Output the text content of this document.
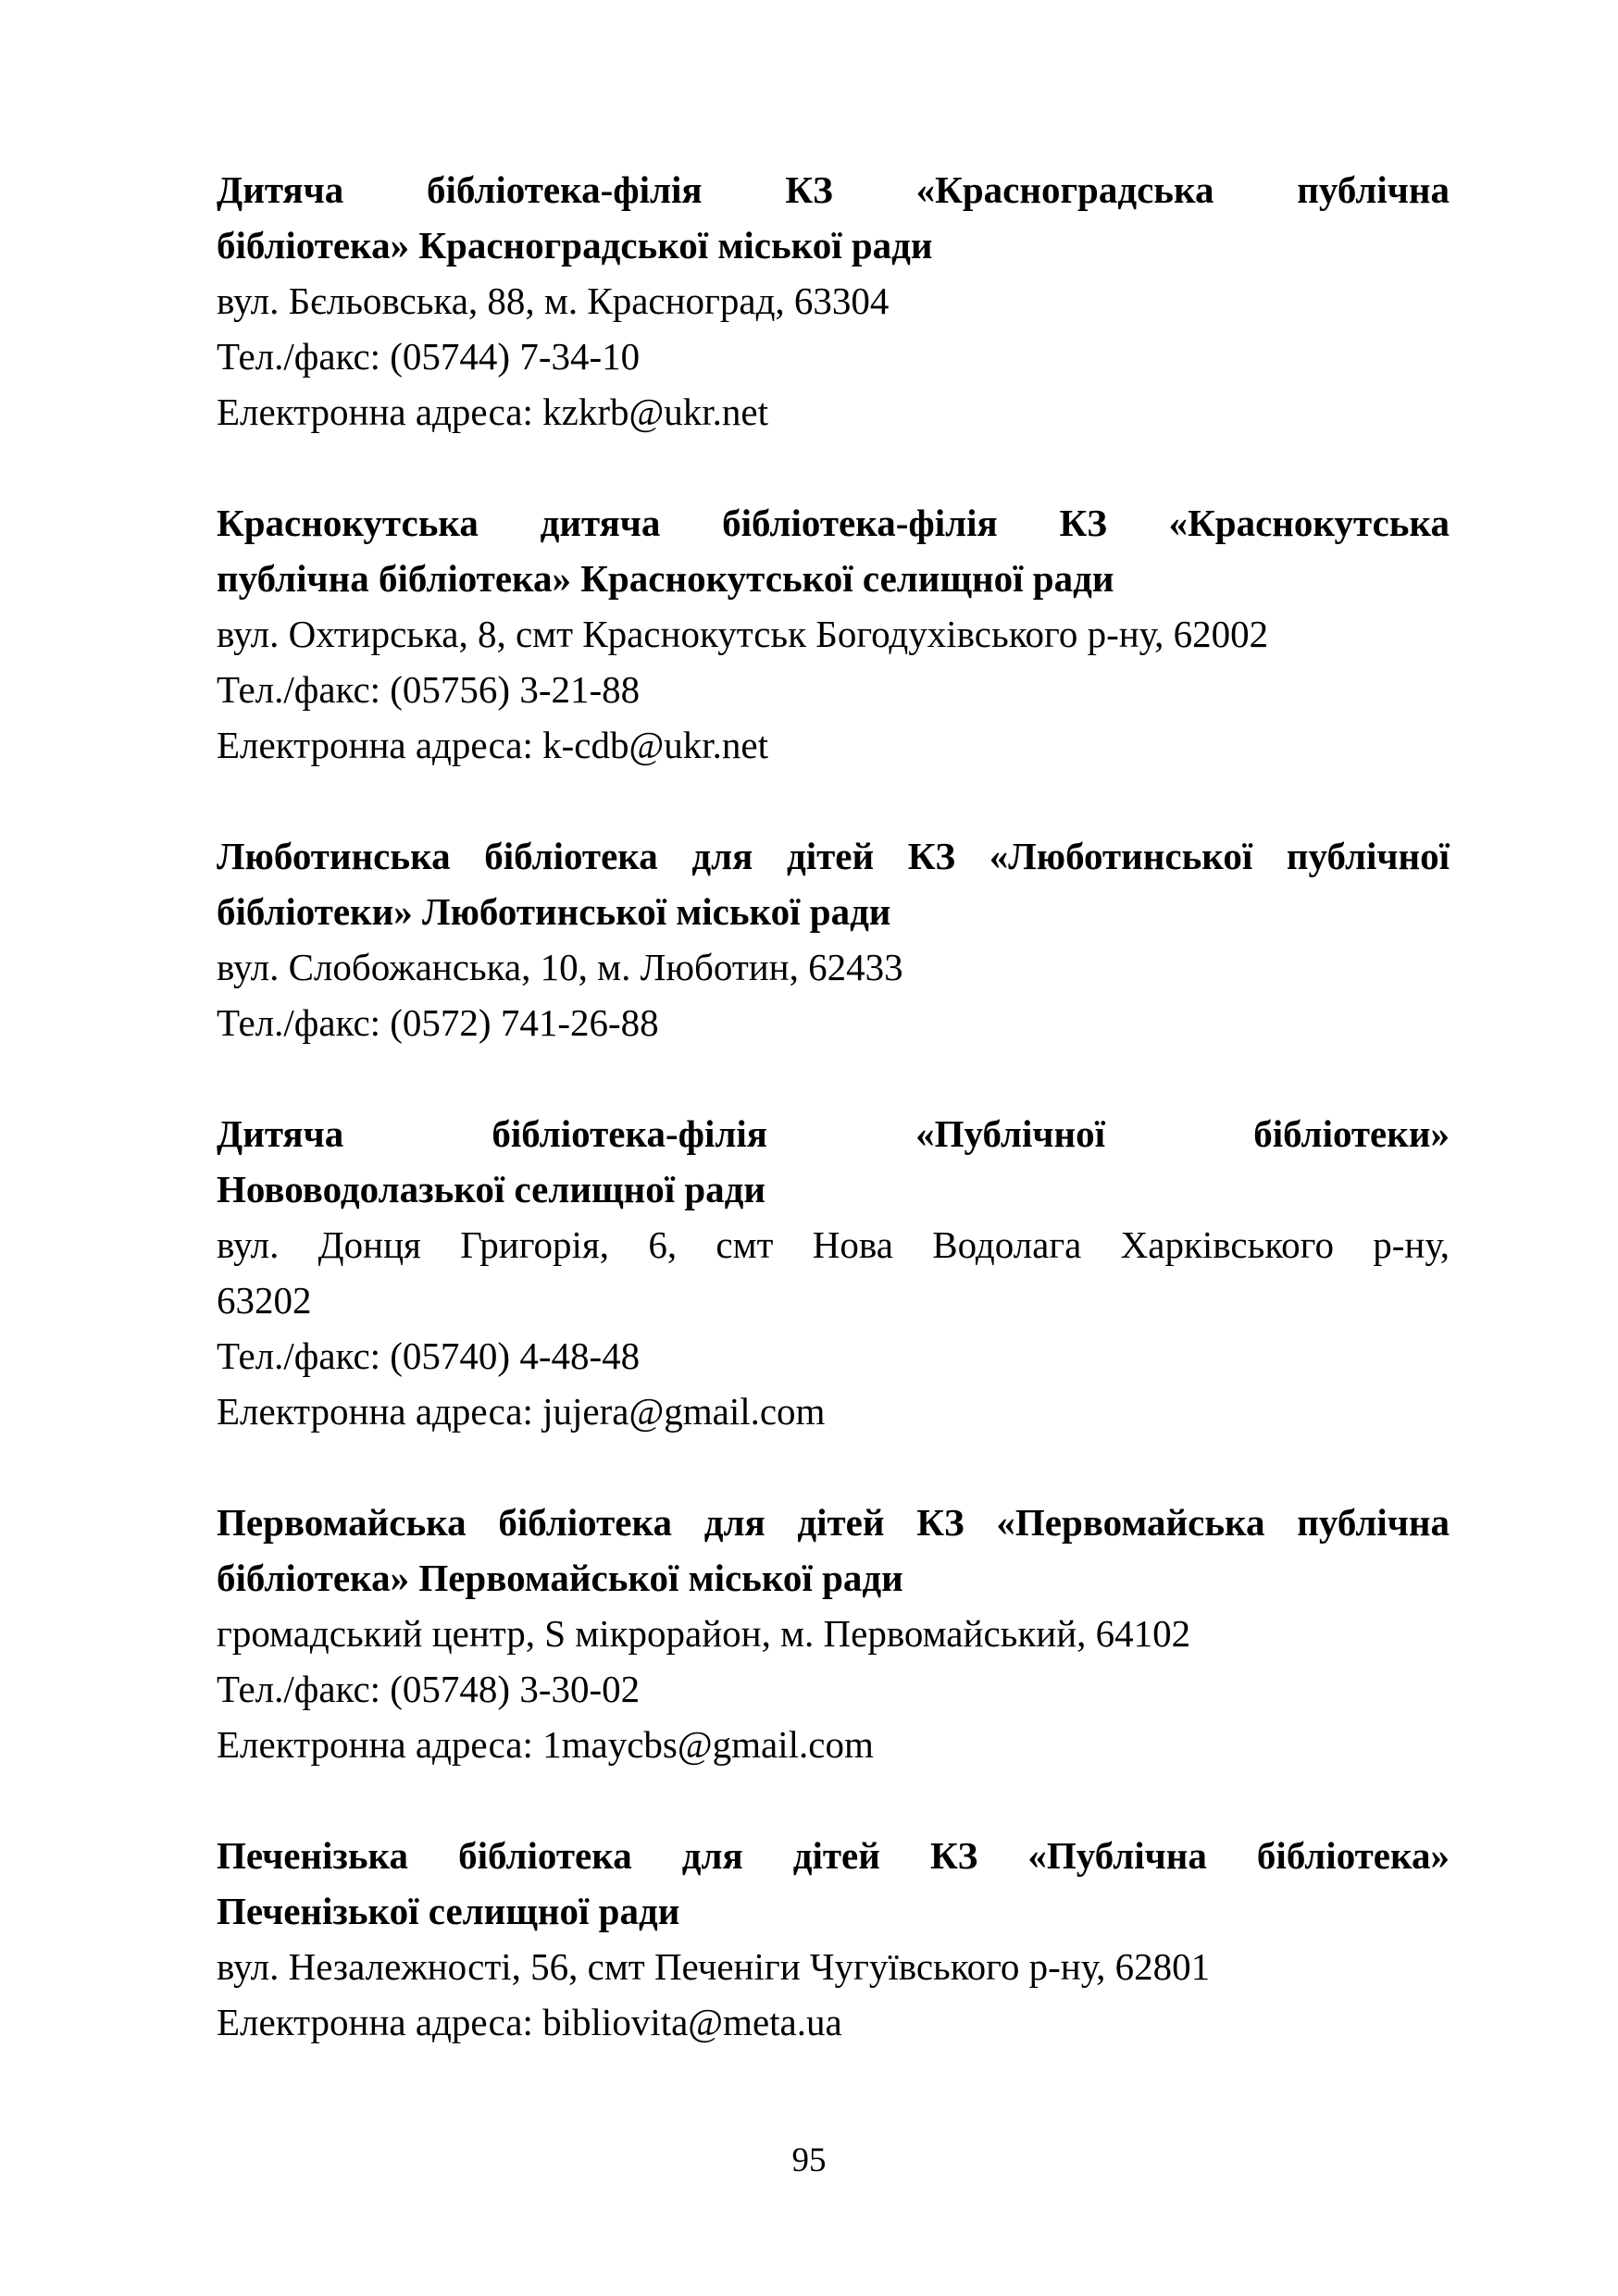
Дитяча бібліотека-філія КЗ «Красноградська публічна
бібліотека» Красноградської міської ради

вул. Бєльовська, 88, м. Красноград, 63304

Тел./факс: (05744) 7-34-10

Електронна адреса: kzkrb@ukr.net

Краснокутська дитяча бібліотека-філія КЗ «Краснокутська
публічна бібліотека» Краснокутської селищної ради

вул. Охтирська, 8, смт Краснокутськ Богодухівського р-ну, 62002

Тел./факс: (05756) 3-21-88

Електронна адреса: k-cdb@ukr.net

Люботинська бібліотека для дітей КЗ «Люботинської публічної
бібліотеки» Люботинської міської ради

вул. Слобожанська, 10, м. Люботин, 62433

Тел./факс: (0572) 741-26-88

Дитяча бібліотека-філія «Публічної бібліотеки»
Нововодолазької селищної ради
вул. Донця Григорія, 6, смт Нова Водолага Харківського р-ну,
63202

Тел./факс: (05740) 4-48-48

Електронна адреса: jujera@gmail.com

Первомайська бібліотека для дітей КЗ «Первомайська публічна
бібліотека» Первомайської міської ради

громадський центр, S мікрорайон, м. Первомайський, 64102

Тел./факс: (05748) 3-30-02

Електронна адреса: 1maycbs@gmail.com

Печенізька бібліотека для дітей КЗ «Публічна бібліотека»
Печенізької селищної ради

вул. Незалежності, 56, смт Печеніги Чугуївського р-ну, 62801

Електронна адреса: bibliovita@meta.ua

95
